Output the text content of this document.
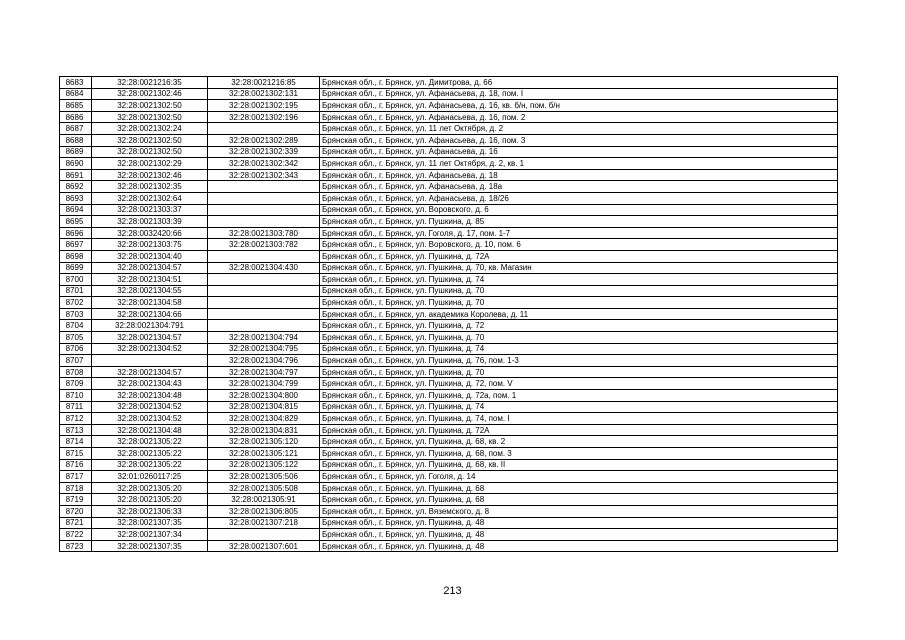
8683	32:28:0021216:35	32:28:0021216:85	Брянская обл., г. Брянск, ул. Димитрова, д. 66
8684	32:28:0021302:46	32:28:0021302:131	Брянская обл., г. Брянск, ул. Афанасьева, д. 18, пом. I
8685	32:28:0021302:50	32:28:0021302:195	Брянская обл., г. Брянск, ул. Афанасьева, д. 16, кв. б/н, пом. б/н
8686	32:28:0021302:50	32:28:0021302:196	Брянская обл., г. Брянск, ул. Афанасьева, д. 16, пом. 2
8687	32:28:0021302:24		Брянская обл., г. Брянск, ул. 11 лет Октября, д. 2
8688	32:28:0021302:50	32:28:0021302:289	Брянская обл., г. Брянск, ул. Афанасьева, д. 16, пом. 3
8689	32:28:0021302:50	32:28:0021302:339	Брянская обл., г. Брянск, ул. Афанасьева, д. 16
8690	32:28:0021302:29	32:28:0021302:342	Брянская обл., г. Брянск, ул. 11 лет Октября, д. 2, кв. 1
8691	32:28:0021302:46	32:28:0021302:343	Брянская обл., г. Брянск, ул. Афанасьева, д. 18
8692	32:28:0021302:35		Брянская обл., г. Брянск, ул. Афанасьева, д. 18а
8693	32:28:0021302:64		Брянская обл., г. Брянск, ул. Афанасьева, д. 18/26
8694	32:28:0021303:37		Брянская обл., г. Брянск, ул. Воровского, д. 6
8695	32:28:0021303:39		Брянская обл., г. Брянск, ул. Пушкина, д. 85
8696	32:28:0032420:66	32:28:0021303:780	Брянская обл., г. Брянск, ул. Гоголя, д. 17, пом. 1-7
8697	32:28:0021303:75	32:28:0021303:782	Брянская обл., г. Брянск, ул. Воровского, д. 10, пом. 6
8698	32:28:0021304:40		Брянская обл., г. Брянск, ул. Пушкина, д. 72А
8699	32:28:0021304:57	32:28:0021304:430	Брянская обл., г. Брянск, ул. Пушкина, д. 70, кв. Магазин
8700	32:28:0021304:51		Брянская обл., г. Брянск, ул. Пушкина, д. 74
8701	32:28:0021304:55		Брянская обл., г. Брянск, ул. Пушкина, д. 70
8702	32:28:0021304:58		Брянская обл., г. Брянск, ул. Пушкина, д. 70
8703	32:28:0021304:66		Брянская обл., г. Брянск, ул. академика Королева, д. 11
8704	32:28:0021304:791		Брянская обл., г. Брянск, ул. Пушкина, д. 72
8705	32:28:0021304:57	32:28:0021304:794	Брянская обл., г. Брянск, ул. Пушкина, д. 70
8706	32:28:0021304:52	32:28:0021304:795	Брянская обл., г. Брянск, ул. Пушкина, д. 74
8707		32:28:0021304:796	Брянская обл., г. Брянск, ул. Пушкина, д. 76, пом. 1-3
8708	32:28:0021304:57	32:28:0021304:797	Брянская обл., г. Брянск, ул. Пушкина, д. 70
8709	32:28:0021304:43	32:28:0021304:799	Брянская обл., г. Брянск, ул. Пушкина, д. 72, пом. V
8710	32:28:0021304:48	32:28:0021304:800	Брянская обл., г. Брянск, ул. Пушкина, д. 72а, пом. 1
8711	32:28:0021304:52	32:28:0021304:815	Брянская обл., г. Брянск, ул. Пушкина, д. 74
8712	32:28:0021304:52	32:28:0021304:829	Брянская обл., г. Брянск, ул. Пушкина, д. 74, пом. I
8713	32:28:0021304:48	32:28:0021304:831	Брянская обл., г. Брянск, ул. Пушкина, д. 72А
8714	32:28:0021305:22	32:28:0021305:120	Брянская обл., г. Брянск, ул. Пушкина, д. 68, кв. 2
8715	32:28:0021305:22	32:28:0021305:121	Брянская обл., г. Брянск, ул. Пушкина, д. 68, пом. 3
8716	32:28:0021305:22	32:28:0021305:122	Брянская обл., г. Брянск, ул. Пушкина, д. 68, кв. II
8717	32:01:0260117:25	32:28:0021305:506	Брянская обл., г. Брянск, ул. Гоголя, д. 14
8718	32:28:0021305:20	32:28:0021305:508	Брянская обл., г. Брянск, ул. Пушкина, д. 68
8719	32:28:0021305:20	32:28:0021305:91	Брянская обл., г. Брянск, ул. Пушкина, д. 68
8720	32:28:0021306:33	32:28:0021306:805	Брянская обл., г. Брянск, ул. Вяземского, д. 8
8721	32:28:0021307:35	32:28:0021307:218	Брянская обл., г. Брянск, ул. Пушкина, д. 48
8722	32:28:0021307:34		Брянская обл., г. Брянск, ул. Пушкина, д. 48
8723	32:28:0021307:35	32:28:0021307:601	Брянская обл., г. Брянск, ул. Пушкина, д. 48
213
